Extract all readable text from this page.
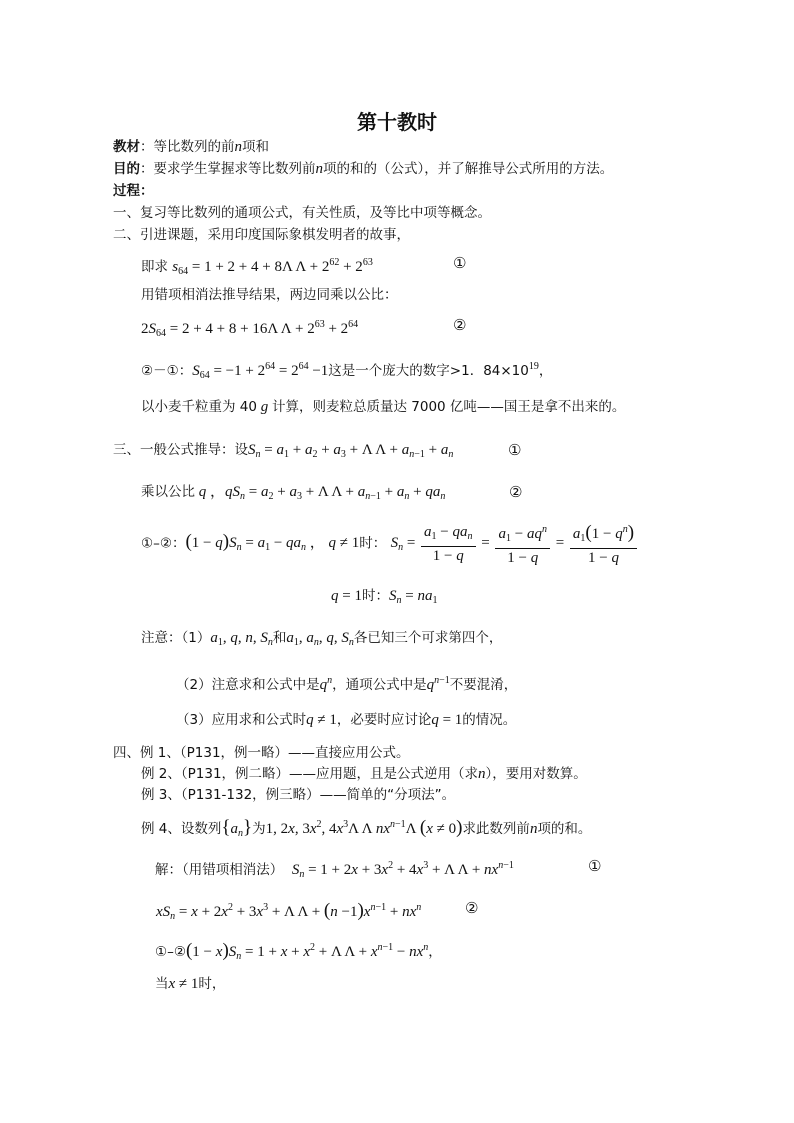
第十教时
教材：等比数列的前n项和
目的：要求学生掌握求等比数列前n项的和的（公式），并了解推导公式所用的方法。
过程：
一、复习等比数列的通项公式，有关性质，及等比中项等概念。
二、引进课题，采用印度国际象棋发明者的故事，
即求 $s_{64} = 1 + 2 + 4 + 8\Lambda$ $\Lambda + 2^{62} + 2^{63}$	①
用错项相消法推导结果，两边同乘以公比：
$2S_{64} = 2 + 4 + 8 + 16\Lambda$ $\Lambda + 2^{63} + 2^{64}$	②
②－①：$S_{64} = -1 + 2^{64} = 2^{64} -1$这是一个庞大的数字>1．$84\times 10^{19}$，
以小麦千粒重为 40 g 计算，则麦粒总质量达 7000 亿吨——国王是拿不出来的。
三、一般公式推导：设$S_n = a_1 + a_2 + a_3 + \Lambda$ $\Lambda + a_{n-1} + a_n$	①
乘以公比 q ，$qS_n = a_2 + a_3 + \Lambda$ $\Lambda + a_{n-1} + a_n + qa_n$	②
①–②：$(1 - q)S_n = a_1 - qa_n$ ， q ≠ 1时： $S_n = \frac{a_1 - qa_n}{1 - q} = \frac{a_1 - aq^n}{1 - q} = \frac{a_1(1 - q^n)}{1 - q}$
q = 1时：$S_n = na_1$
注意：$(1)a_1$, q, n, $S_n$和$a_1$, $a_n$, q, $S_n$各已知三个可求第四个，
（2）注意求和公式中是$q^n$，通项公式中是$q^{n-1}$不要混淆，
（3）应用求和公式时q ≠ 1，必要时应讨论q = 1的情况。
四、例 1、（P131，例一略）——直接应用公式。
例 2、（P131，例二略）——应用题，且是公式逆用（求n），要用对数算。
例 3、（P131-132，例三略）——简单的“分项法”。
例 4、设数列$\{a_n\}$为1, 2x, $3x^2$, $4x^3\Lambda$ Λ $nx^{n-1}\Lambda$ (x ≠ 0)求此数列前n项的和。
解：（用错项相消法） $S_n = 1 + 2x + 3x^2 + 4x^3 + \Lambda$ $\Lambda + nx^{n-1}$	①
$xS_n = x + 2x^2 + 3x^3 + \Lambda$ $\Lambda + (n -1)x^{n-1} + nx^n$	②
①–②(1 − $x)S_n = 1 + x + x^2 + \Lambda$ $\Lambda + x^{n-1} - nx^n$，
当x ≠ 1时，
